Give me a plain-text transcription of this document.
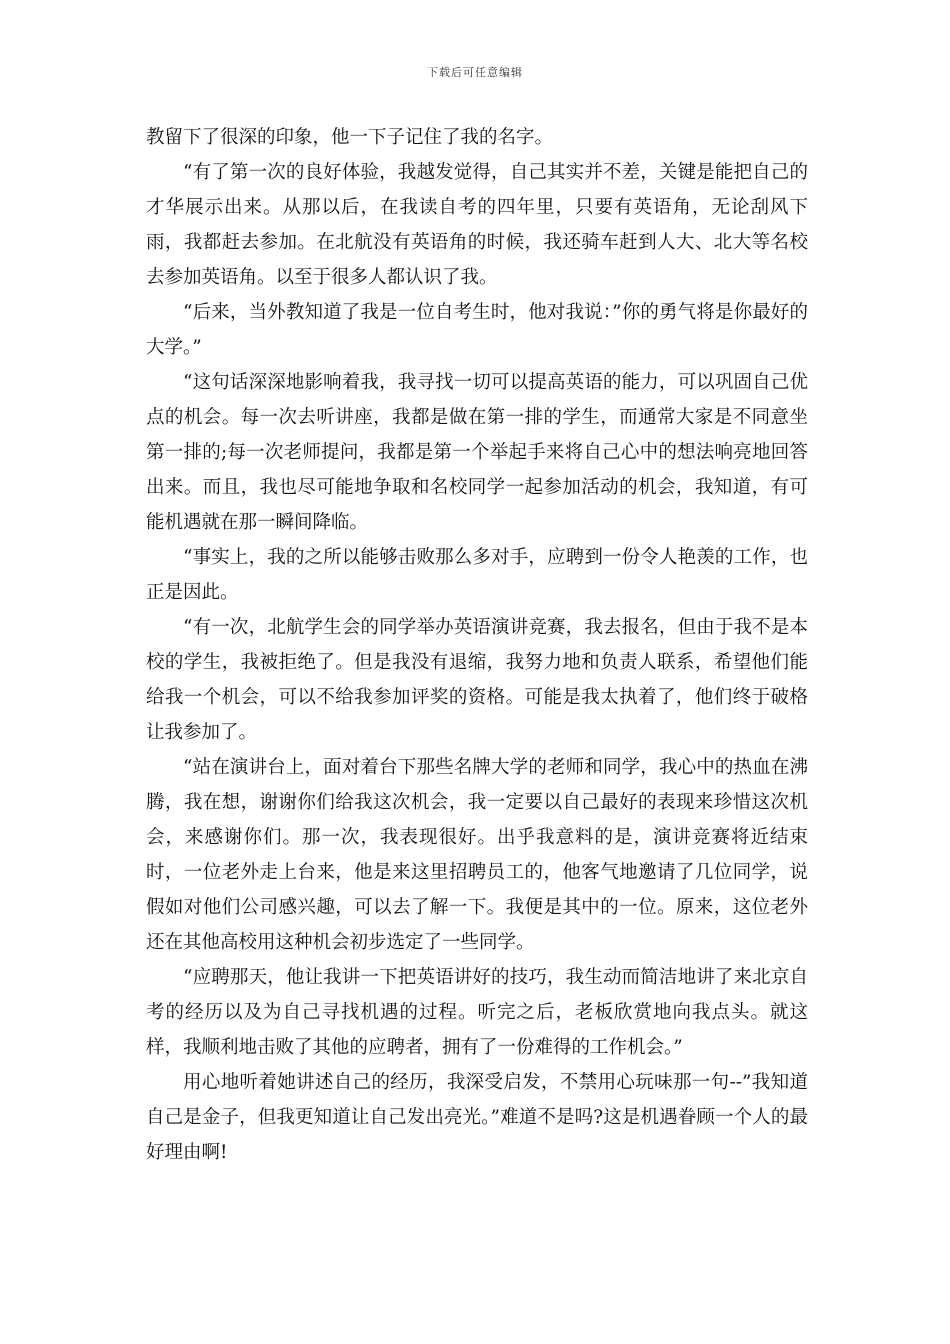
下载后可任意编辑

教留下了很深的印象，他一下子记住了我的名字。

“有了第一次的良好体验，我越发觉得，自己其实并不差，关键是能把自己的才华展示出来。从那以后，在我读自考的四年里，只要有英语角，无论刮风下雨，我都赶去参加。在北航没有英语角的时候，我还骑车赶到人大、北大等名校去参加英语角。以至于很多人都认识了我。

“后来，当外教知道了我是一位自考生时，他对我说：”你的勇气将是你最好的大学。”

“这句话深深地影响着我，我寻找一切可以提高英语的能力，可以巩固自己优点的机会。每一次去听讲座，我都是做在第一排的学生，而通常大家是不同意坐第一排的;每一次老师提问，我都是第一个举起手来将自己心中的想法响亮地回答出来。而且，我也尽可能地争取和名校同学一起参加活动的机会，我知道，有可能机遇就在那一瞬间降临。

“事实上，我的之所以能够击败那么多对手，应聘到一份令人艳羡的工作，也正是因此。

“有一次，北航学生会的同学举办英语演讲竞赛，我去报名，但由于我不是本校的学生，我被拒绝了。但是我没有退缩，我努力地和负责人联系，希望他们能给我一个机会，可以不给我参加评奖的资格。可能是我太执着了，他们终于破格让我参加了。

“站在演讲台上，面对着台下那些名牌大学的老师和同学，我心中的热血在沸腾，我在想，谢谢你们给我这次机会，我一定要以自己最好的表现来珍惜这次机会，来感谢你们。那一次，我表现很好。出乎我意料的是，演讲竞赛将近结束时，一位老外走上台来，他是来这里招聘员工的，他客气地邀请了几位同学，说假如对他们公司感兴趣，可以去了解一下。我便是其中的一位。原来，这位老外还在其他高校用这种机会初步选定了一些同学。

“应聘那天，他让我讲一下把英语讲好的技巧，我生动而简洁地讲了来北京自考的经历以及为自己寻找机遇的过程。听完之后，老板欣赏地向我点头。就这样，我顺利地击败了其他的应聘者，拥有了一份难得的工作机会。”

用心地听着她讲述自己的经历，我深受启发，不禁用心玩味那一句--”我知道自己是金子，但我更知道让自己发出亮光。”难道不是吗?这是机遇眷顾一个人的最好理由啊!
